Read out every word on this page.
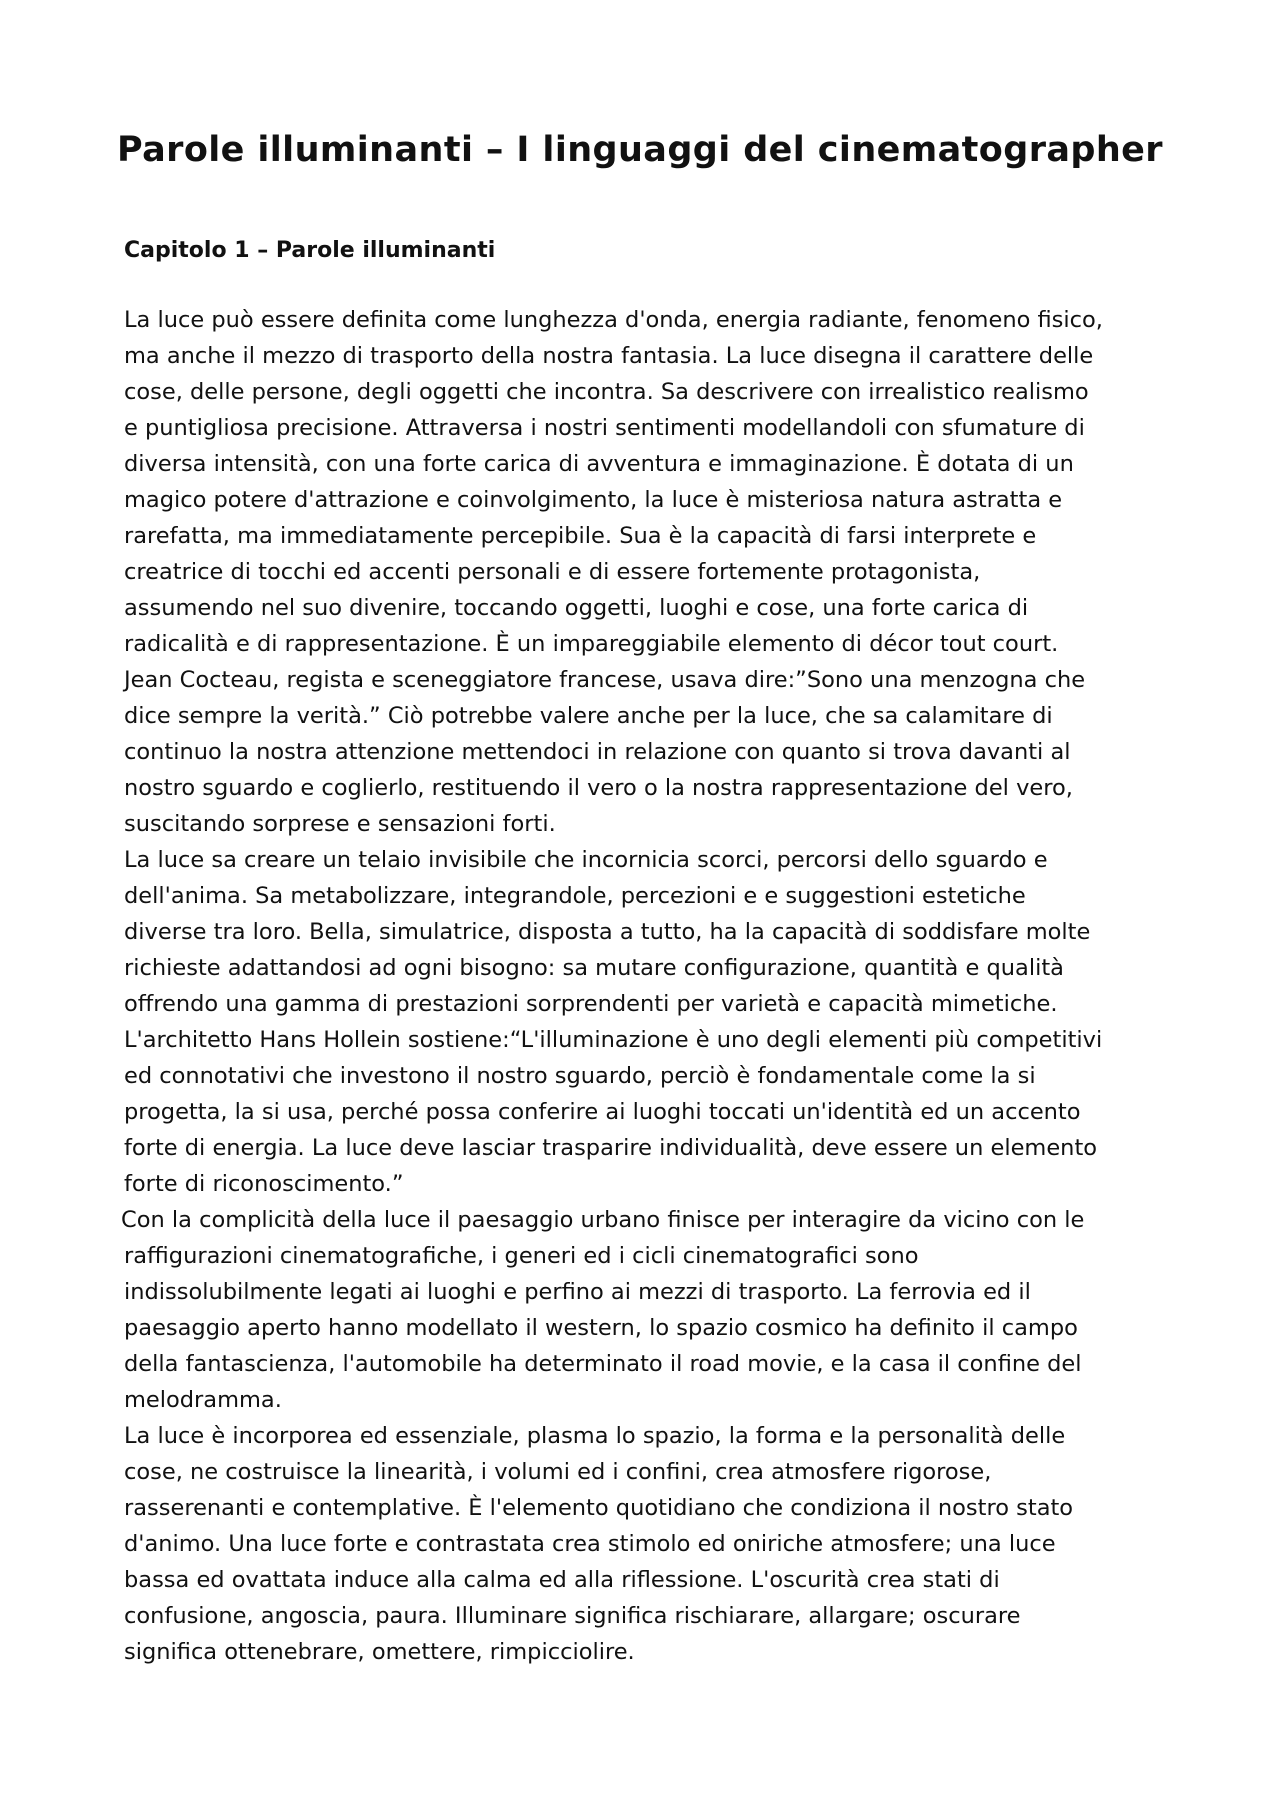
Parole illuminanti – I linguaggi del cinematographer
Capitolo 1 – Parole illuminanti
La luce può essere definita come lunghezza d'onda, energia radiante, fenomeno fisico,
ma anche il mezzo di trasporto della nostra fantasia. La luce disegna il carattere delle
cose, delle persone, degli oggetti che incontra. Sa descrivere con irrealistico realismo
e puntigliosa precisione. Attraversa i nostri sentimenti modellandoli con sfumature di
diversa intensità, con una forte carica di avventura e immaginazione. È dotata di un
magico potere d'attrazione e coinvolgimento, la luce è misteriosa natura astratta e
rarefatta, ma immediatamente percepibile. Sua è la capacità di farsi interprete e
creatrice di tocchi ed accenti personali e di essere fortemente protagonista,
assumendo nel suo divenire, toccando oggetti, luoghi e cose, una forte carica di
radicalità e di rappresentazione. È un impareggiabile elemento di décor tout court.
Jean Cocteau, regista e sceneggiatore francese, usava dire:”Sono una menzogna che
dice sempre la verità.” Ciò potrebbe valere anche per la luce, che sa calamitare di
continuo la nostra attenzione mettendoci in relazione con quanto si trova davanti al
nostro sguardo e coglierlo, restituendo il vero o la nostra rappresentazione del vero,
suscitando sorprese e sensazioni forti.
La luce sa creare un telaio invisibile che incornicia scorci, percorsi dello sguardo e
dell'anima. Sa metabolizzare, integrandole, percezioni e e suggestioni estetiche
diverse tra loro. Bella, simulatrice, disposta a tutto, ha la capacità di soddisfare molte
richieste adattandosi ad ogni bisogno: sa mutare configurazione, quantità e qualità
offrendo una gamma di prestazioni sorprendenti per varietà e capacità mimetiche.
L'architetto Hans Hollein sostiene:“L'illuminazione è uno degli elementi più competitivi
ed connotativi che investono il nostro sguardo, perciò è fondamentale come la si
progetta, la si usa, perché possa conferire ai luoghi toccati un'identità ed un accento
forte di energia. La luce deve lasciar trasparire individualità, deve essere un elemento
forte di riconoscimento.”
Con la complicità della luce il paesaggio urbano finisce per interagire da vicino con le
raffigurazioni cinematografiche, i generi ed i cicli cinematografici sono
indissolubilmente legati ai luoghi e perfino ai mezzi di trasporto. La ferrovia ed il
paesaggio aperto hanno modellato il western, lo spazio cosmico ha definito il campo
della fantascienza, l'automobile ha determinato il road movie, e la casa il confine del
melodramma.
La luce è incorporea ed essenziale, plasma lo spazio, la forma e la personalità delle
cose, ne costruisce la linearità, i volumi ed i confini, crea atmosfere rigorose,
rasserenanti e contemplative. È l'elemento quotidiano che condiziona il nostro stato
d'animo. Una luce forte e contrastata crea stimolo ed oniriche atmosfere; una luce
bassa ed ovattata induce alla calma ed alla riflessione. L'oscurità crea stati di
confusione, angoscia, paura. Illuminare significa rischiarare, allargare; oscurare
significa ottenebrare, omettere, rimpicciolire.
